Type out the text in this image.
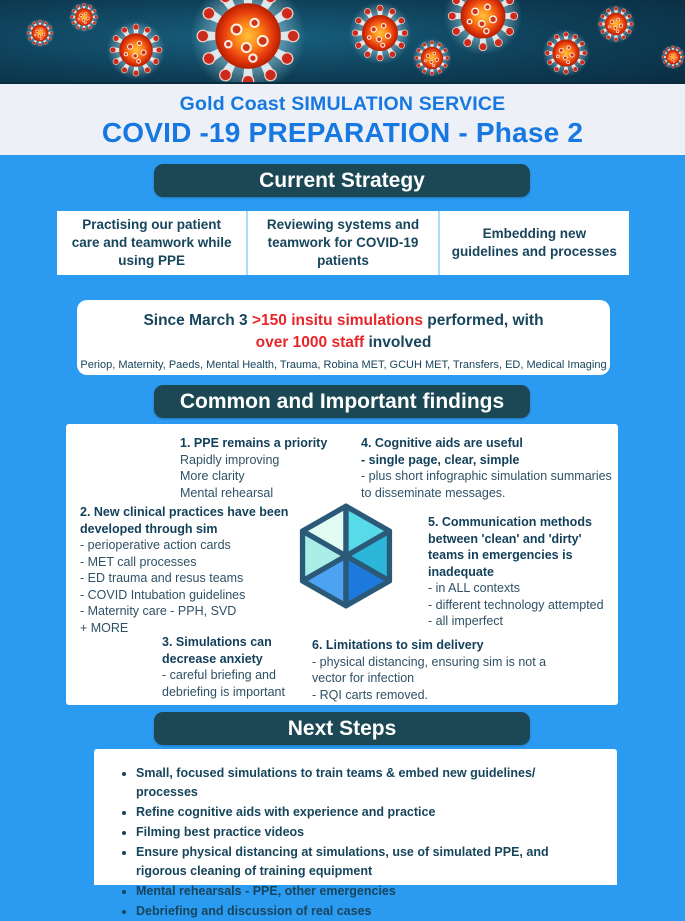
Gold Coast SIMULATION SERVICE
COVID -19 PREPARATION - Phase 2
Current Strategy
Practising our patient care and teamwork while using PPE
Reviewing systems and teamwork for COVID-19 patients
Embedding new guidelines and processes
Since March 3 >150 insitu simulations performed, with
over 1000 staff involved
Periop, Maternity, Paeds, Mental Health, Trauma, Robina MET, GCUH MET, Transfers, ED, Medical Imaging
Common and Important findings
1. PPE remains a priority
Rapidly improving
More clarity
Mental rehearsal
2. New clinical practices have been developed through sim
- perioperative action cards
- MET call processes
- ED trauma and resus teams
- COVID Intubation guidelines
- Maternity care - PPH, SVD
+ MORE
3. Simulations can decrease anxiety
- careful briefing and debriefing is important
4. Cognitive aids are useful
- single page, clear, simple
- plus short infographic simulation summaries to disseminate messages.
5. Communication methods between 'clean' and 'dirty' teams in emergencies is inadequate
- in ALL contexts
- different technology attempted
- all imperfect
6. Limitations to sim delivery
- physical distancing, ensuring sim is not a vector for infection
- RQI carts removed.
Next Steps
• Small, focused simulations to train teams & embed new guidelines/ processes
• Refine cognitive aids with experience and practice
• Filming best practice videos
• Ensure physical distancing at simulations, use of simulated PPE, and rigorous cleaning of training equipment
• Mental rehearsals - PPE, other emergencies
• Debriefing and discussion of real cases
